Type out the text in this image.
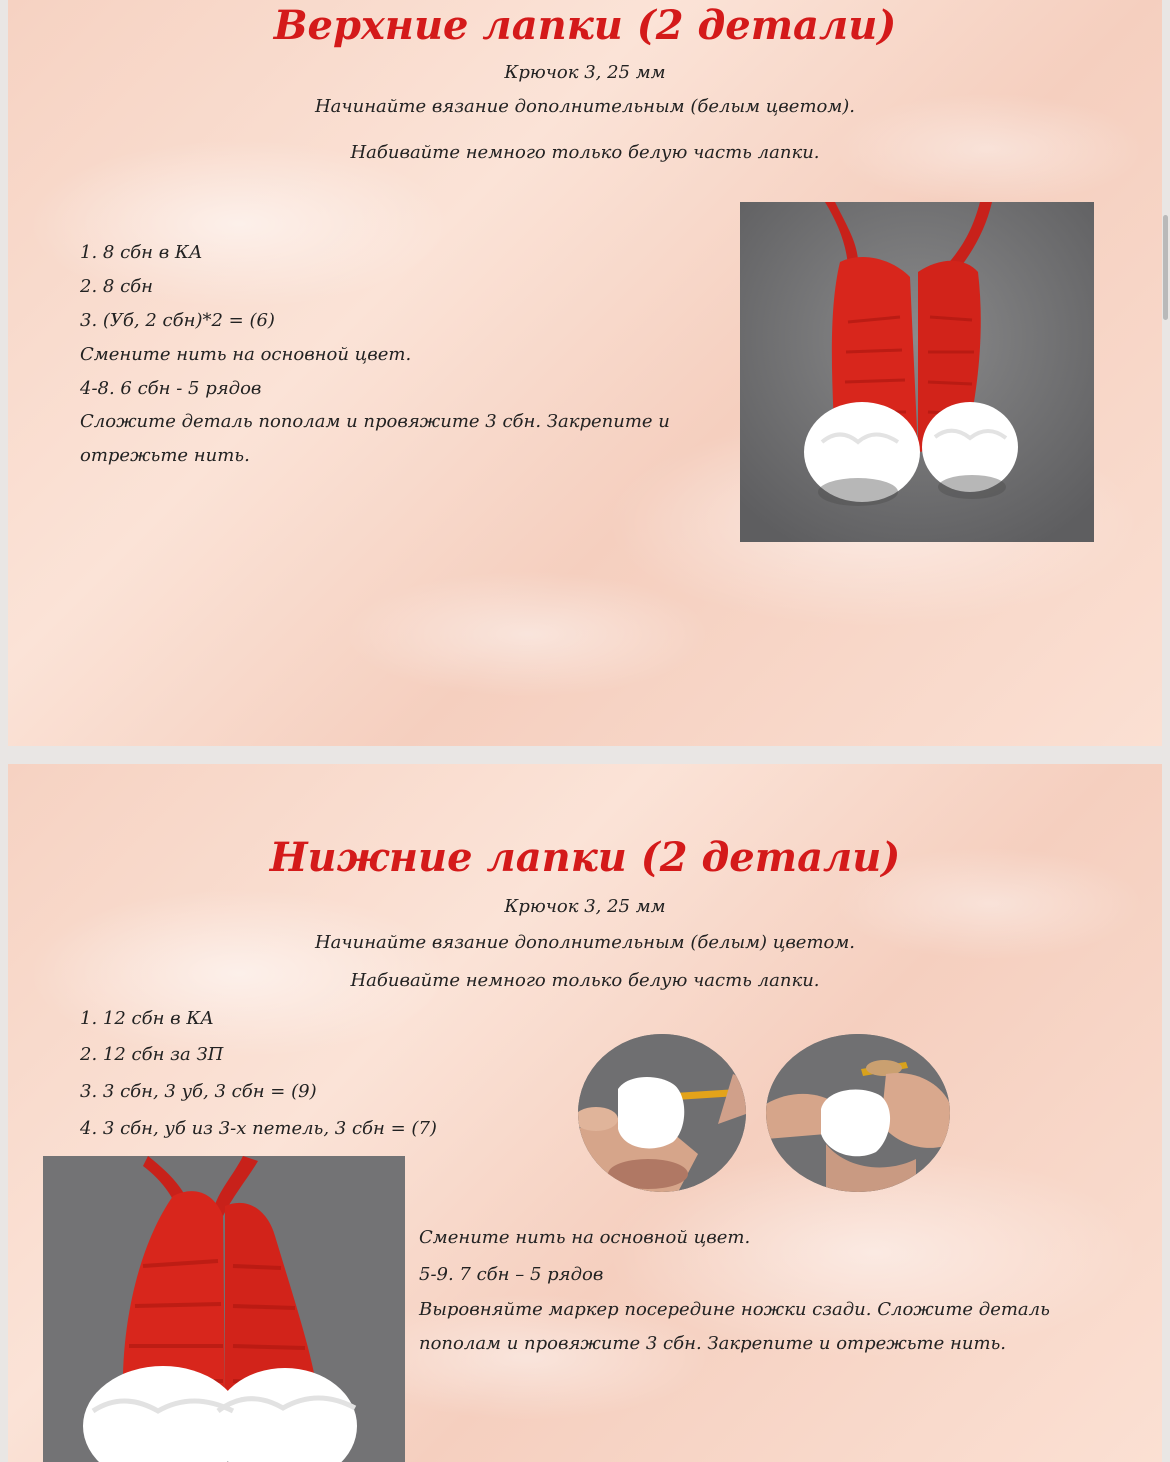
Верхние лапки (2 детали)

Крючок 3, 25 мм

Начинайте вязание дополнительным (белым цветом).

Набивайте немного только белую часть лапки.

1. 8 сбн в КА

2. 8 сбн

3. (Уб, 2 сбн)*2 = (6)

Смените нить на основной цвет.

4-8. 6 сбн - 5 рядов

Сложите деталь пополам и провяжите 3 сбн. Закрепите и отрежьте нить.

Нижние лапки (2 детали)

Крючок 3, 25 мм

Начинайте вязание дополнительным (белым) цветом.

Набивайте немного только белую часть лапки.

1. 12 сбн в КА

2. 12 сбн за ЗП

3. 3 сбн, 3 уб, 3 сбн = (9)

4. 3 сбн, уб из 3-х петель, 3 сбн = (7)

Смените нить на основной цвет.

5-9. 7 сбн – 5 рядов

Выровняйте маркер посередине ножки сзади. Сложите деталь пополам и провяжите 3 сбн. Закрепите и отрежьте нить.
